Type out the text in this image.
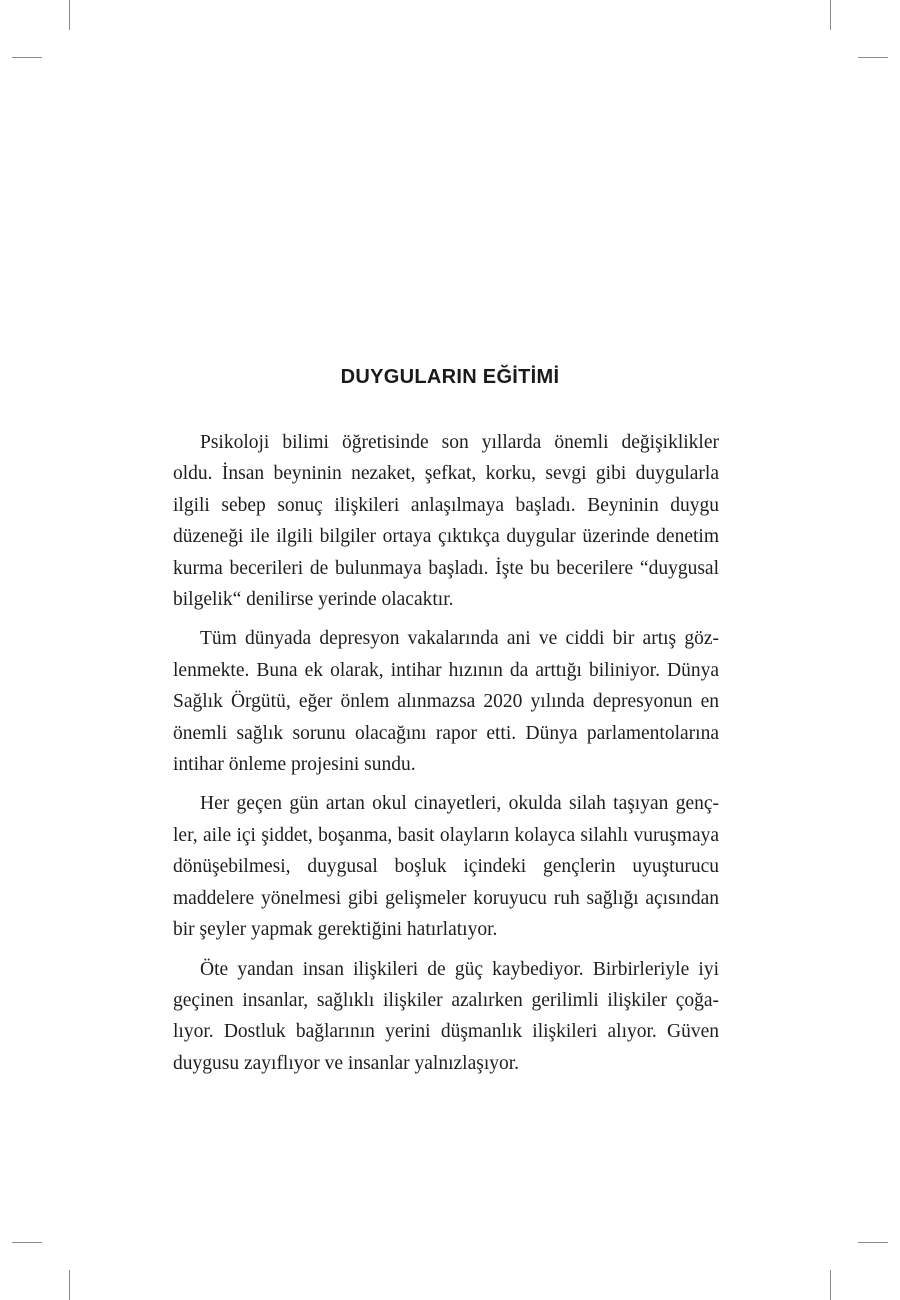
DUYGULARIN EĞİTİMİ

Psikoloji bilimi öğretisinde son yıllarda önemli değişiklikler
oldu. İnsan beyninin nezaket, şefkat, korku, sevgi gibi duygularla
ilgili sebep sonuç ilişkileri anlaşılmaya başladı. Beyninin duygu
düzeneği ile ilgili bilgiler ortaya çıktıkça duygular üzerinde denetim
kurma becerileri de bulunmaya başladı. İşte bu becerilere “duygusal
bilgelik“ denilirse yerinde olacaktır.

Tüm dünyada depresyon vakalarında ani ve ciddi bir artış göz-
lenmekte. Buna ek olarak, intihar hızının da arttığı biliniyor. Dünya
Sağlık Örgütü, eğer önlem alınmazsa 2020 yılında depresyonun en
önemli sağlık sorunu olacağını rapor etti. Dünya parlamentolarına
intihar önleme projesini sundu.

Her geçen gün artan okul cinayetleri, okulda silah taşıyan genç-
ler, aile içi şiddet, boşanma, basit olayların kolayca silahlı vuruşmaya
dönüşebilmesi, duygusal boşluk içindeki gençlerin uyuşturucu
maddelere yönelmesi gibi gelişmeler koruyucu ruh sağlığı açısından
bir şeyler yapmak gerektiğini hatırlatıyor.

Öte yandan insan ilişkileri de güç kaybediyor. Birbirleriyle iyi
geçinen insanlar, sağlıklı ilişkiler azalırken gerilimli ilişkiler çoğa-
lıyor. Dostluk bağlarının yerini düşmanlık ilişkileri alıyor. Güven
duygusu zayıflıyor ve insanlar yalnızlaşıyor.
